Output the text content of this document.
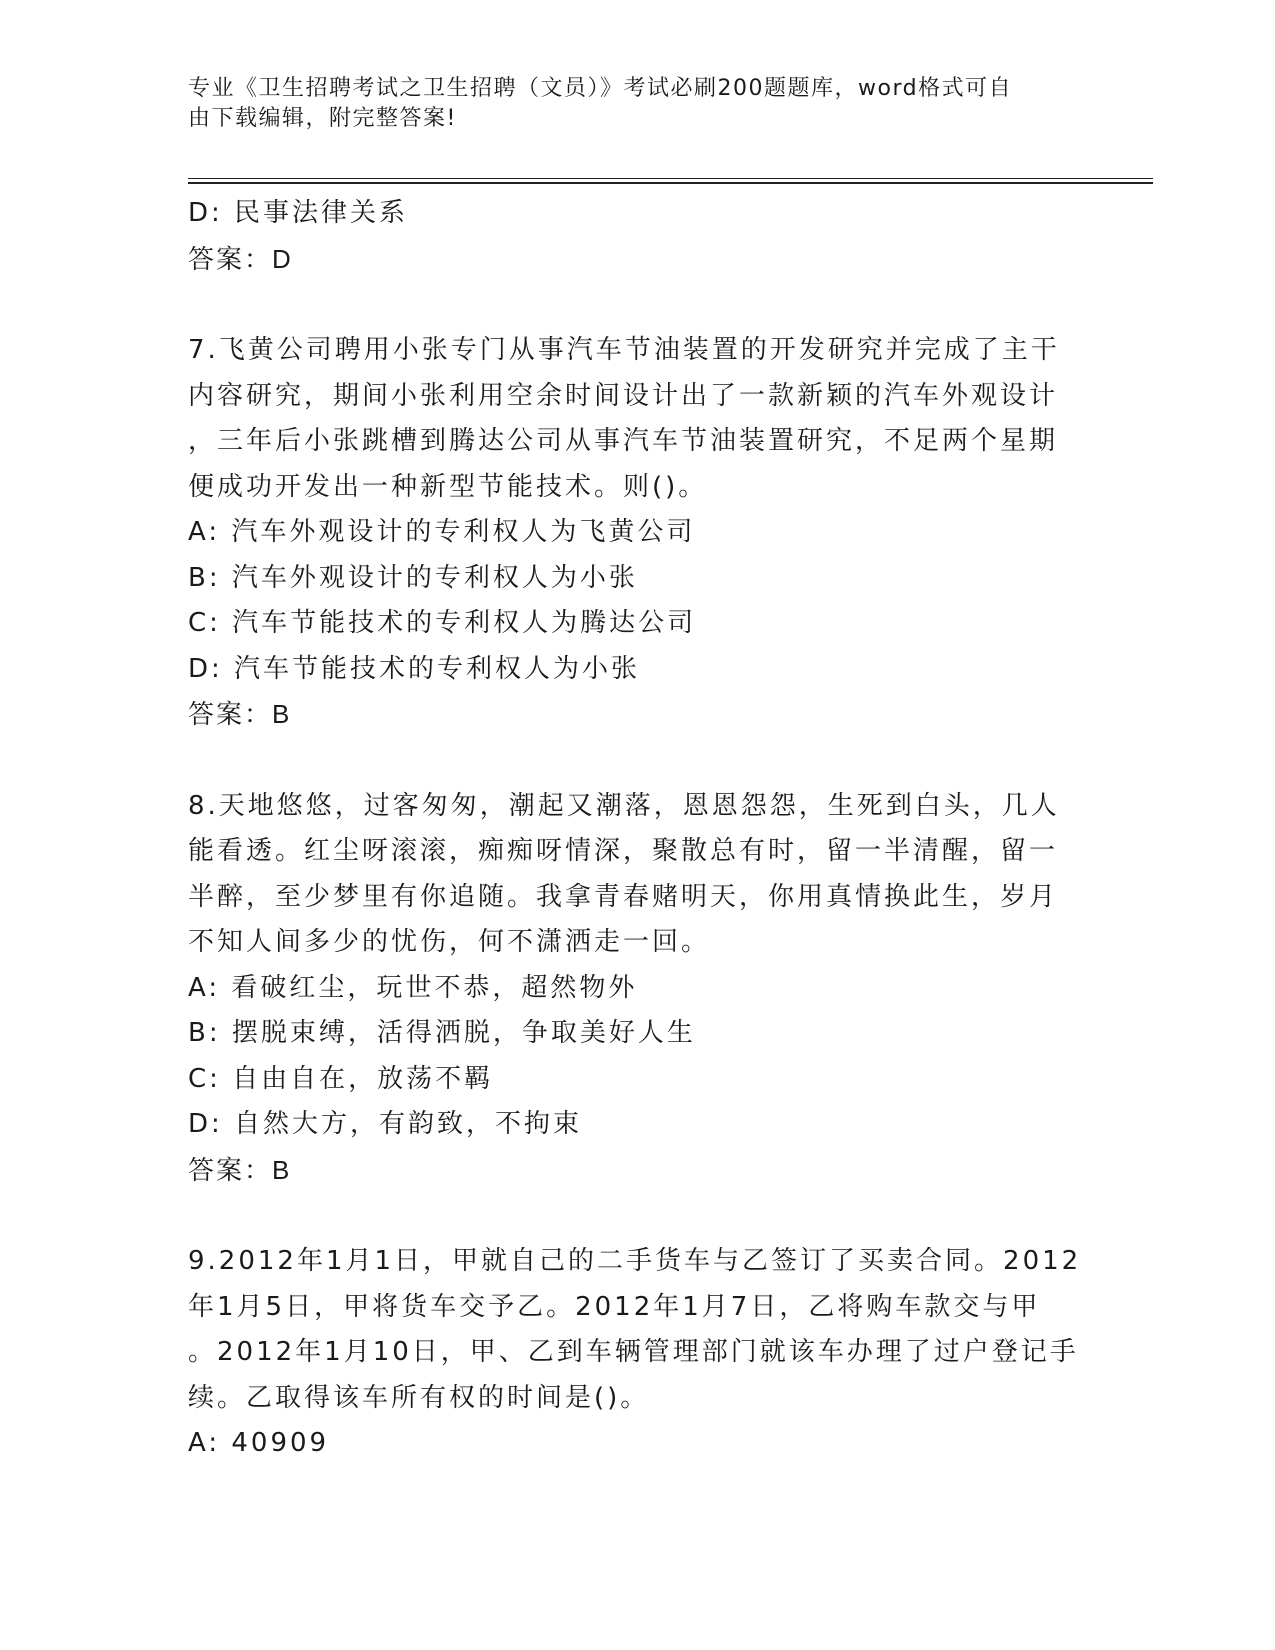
专业《卫生招聘考试之卫生招聘（文员）》考试必刷200题题库，word格式可自
由下载编辑，附完整答案!
D: 民事法律关系
答案：D
7.飞黄公司聘用小张专门从事汽车节油装置的开发研究并完成了主干
内容研究，期间小张利用空余时间设计出了一款新颖的汽车外观设计
，三年后小张跳槽到腾达公司从事汽车节油装置研究，不足两个星期
便成功开发出一种新型节能技术。则()。
A: 汽车外观设计的专利权人为飞黄公司
B: 汽车外观设计的专利权人为小张
C: 汽车节能技术的专利权人为腾达公司
D: 汽车节能技术的专利权人为小张
答案：B
8.天地悠悠，过客匆匆，潮起又潮落，恩恩怨怨，生死到白头，几人
能看透。红尘呀滚滚，痴痴呀情深，聚散总有时，留一半清醒，留一
半醉，至少梦里有你追随。我拿青春赌明天，你用真情换此生，岁月
不知人间多少的忧伤，何不潇洒走一回。
A: 看破红尘，玩世不恭，超然物外
B: 摆脱束缚，活得洒脱，争取美好人生
C: 自由自在，放荡不羁
D: 自然大方，有韵致，不拘束
答案：B
9.2012年1月1日，甲就自己的二手货车与乙签订了买卖合同。2012
年1月5日，甲将货车交予乙。2012年1月7日，乙将购车款交与甲
。2012年1月10日，甲、乙到车辆管理部门就该车办理了过户登记手
续。乙取得该车所有权的时间是()。
A: 40909
